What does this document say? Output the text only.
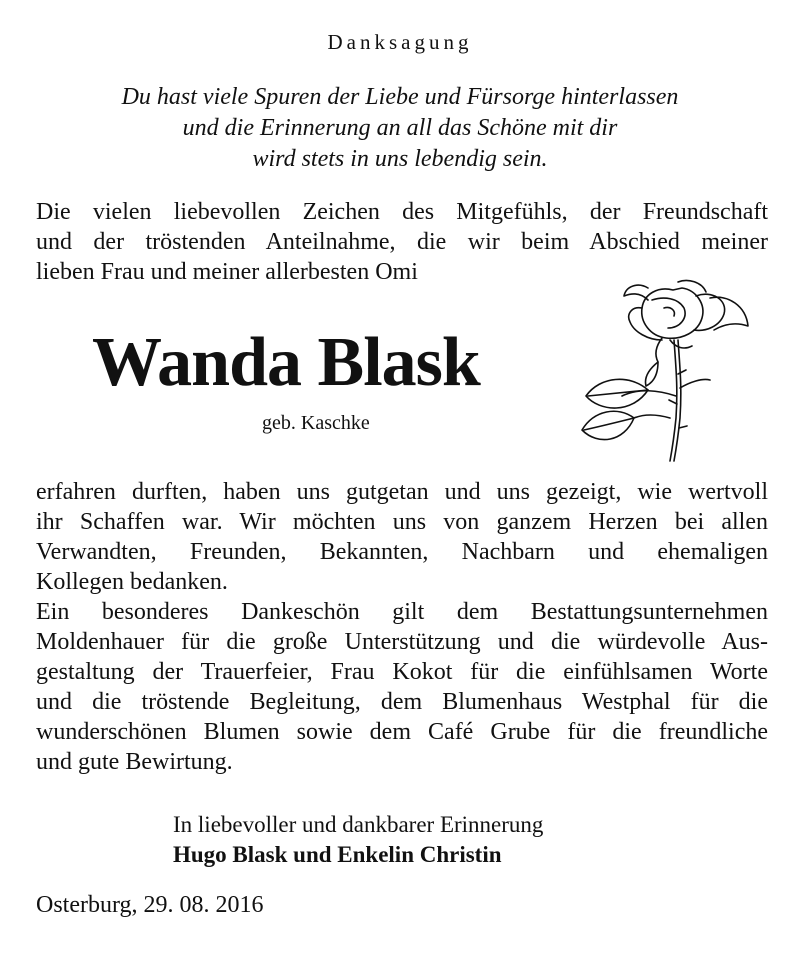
Danksagung
Du hast viele Spuren der Liebe und Fürsorge hinterlassen
und die Erinnerung an all das Schöne mit dir
wird stets in uns lebendig sein.
Die vielen liebevollen Zeichen des Mitgefühls, der Freundschaft
und der tröstenden Anteilnahme, die wir beim Abschied meiner
lieben Frau und meiner allerbesten Omi
Wanda Blask
geb. Kaschke
erfahren durften, haben uns gutgetan und uns gezeigt, wie wertvoll
ihr Schaffen war. Wir möchten uns von ganzem Herzen bei allen
Verwandten, Freunden, Bekannten, Nachbarn und ehemaligen
Kollegen bedanken.
Ein besonderes Dankeschön gilt dem Bestattungsunternehmen
Moldenhauer für die große Unterstützung und die würdevolle Aus-
gestaltung der Trauerfeier, Frau Kokot für die einfühlsamen Worte
und die tröstende Begleitung, dem Blumenhaus Westphal für die
wunderschönen Blumen sowie dem Café Grube für die freundliche
und gute Bewirtung.
In liebevoller und dankbarer Erinnerung
Hugo Blask und Enkelin Christin
Osterburg, 29. 08. 2016
